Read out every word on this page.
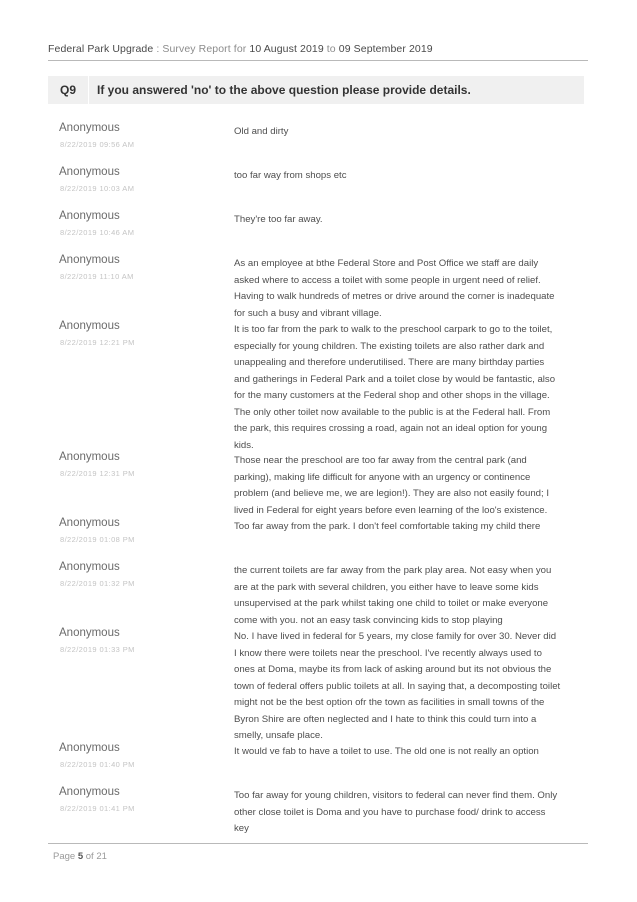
Federal Park Upgrade : Survey Report for 10 August 2019 to 09 September 2019
Q9	If you answered 'no' to the above question please provide details.
Anonymous
8/22/2019 09:56 AM
Old and dirty
Anonymous
8/22/2019 10:03 AM
too far way from shops etc
Anonymous
8/22/2019 10:46 AM
They're too far away.
Anonymous
8/22/2019 11:10 AM
As an employee at bthe Federal Store and Post Office we staff are daily
asked where to access a toilet with some people in urgent need of relief.
Having to walk hundreds of metres or drive around the corner is inadequate
for such a busy and vibrant village.
Anonymous
8/22/2019 12:21 PM
It is too far from the park to walk to the preschool carpark to go to the toilet,
especially for young children. The existing toilets are also rather dark and
unappealing and therefore underutilised. There are many birthday parties
and gatherings in Federal Park and a toilet close by would be fantastic, also
for the many customers at the Federal shop and other shops in the village.
The only other toilet now available to the public is at the Federal hall. From
the park, this requires crossing a road, again not an ideal option for young
kids.
Anonymous
8/22/2019 12:31 PM
Those near the preschool are too far away from the central park (and
parking), making life difficult for anyone with an urgency or continence
problem (and believe me, we are legion!). They are also not easily found; I
lived in Federal for eight years before even learning of the loo's existence.
Anonymous
8/22/2019 01:08 PM
Too far away from the park. I don't feel comfortable taking my child there
Anonymous
8/22/2019 01:32 PM
the current toilets are far away from the park play area. Not easy when you
are at the park with several children, you either have to leave some kids
unsupervised at the park whilst taking one child to toilet or make everyone
come with you. not an easy task convincing kids to stop playing
Anonymous
8/22/2019 01:33 PM
No. I have lived in federal for 5 years, my close family for over 30. Never did
I know there were toilets near the preschool. I've recently always used to
ones at Doma, maybe its from lack of asking around but its not obvious the
town of federal offers public toilets at all. In saying that, a decomposting toilet
might not be the best option ofr the town as facilities in small towns of the
Byron Shire are often neglected and I hate to think this could turn into a
smelly, unsafe place.
Anonymous
8/22/2019 01:40 PM
It would ve fab to have a toilet to use. The old one is not really an option
Anonymous
8/22/2019 01:41 PM
Too far away for young children, visitors to federal can never find them. Only
other close toilet is Doma and you have to purchase food/ drink to access
key
Page 5 of 21
